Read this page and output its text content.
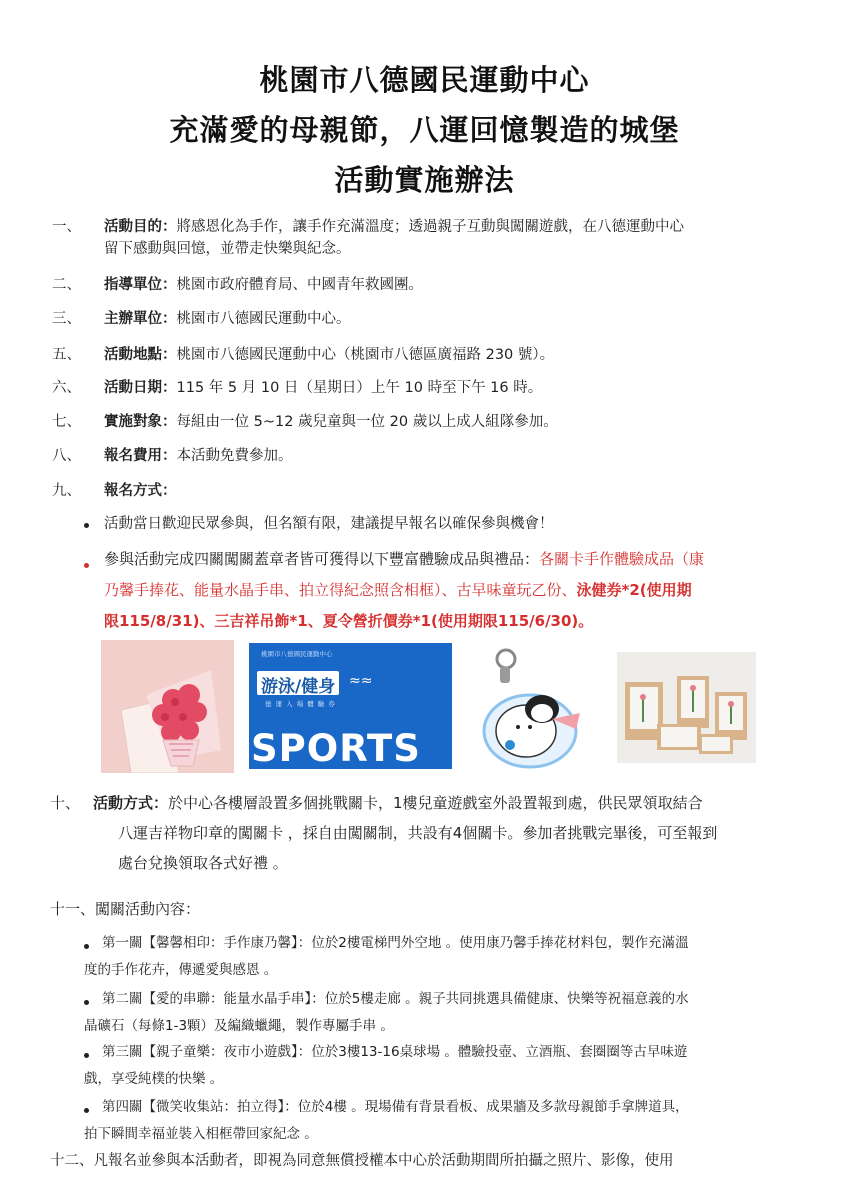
桃園市八德國民運動中心
充滿愛的母親節，八運回憶製造的城堡
活動實施辦法
一、	活動目的：將感恩化為手作，讓手作充滿溫度；透過親子互動與闖關遊戲，在八德運動中心
留下感動與回憶，並帶走快樂與紀念。
二、	指導單位：桃園市政府體育局、中國青年救國團。
三、	主辦單位：桃園市八德國民運動中心。
五、	活動地點：桃園市八德國民運動中心（桃園市八德區廣福路 230 號）。
六、	活動日期：115 年 5 月 10 日（星期日）上午 10 時至下午 16 時。
七、	實施對象：每組由一位 5~12 歲兒童與一位 20 歲以上成人組隊參加。
八、	報名費用：本活動免費參加。
九、	報名方式：
活動當日歡迎民眾參與，但名額有限，建議提早報名以確保參與機會！
參與活動完成四關闖關蓋章者皆可獲得以下豐富體驗成品與禮品：各關卡手作體驗成品（康
乃馨手捧花、能量水晶手串、拍立得紀念照含相框）、古早味童玩乙份、泳健券*2(使用期
限115/8/31)、三吉祥吊飾*1、夏令營折價券*1(使用期限115/6/30)。
桃園市八德國民運動中心
游泳/健身
德 運 入 場 體 驗 券
≈≈
SPORTS
十、 活動方式：於中心各樓層設置多個挑戰關卡，1樓兒童遊戲室外設置報到處，供民眾領取結合
八運吉祥物印章的闖關卡 ，採自由闖關制，共設有4個關卡。參加者挑戰完畢後，可至報到
處台兌換領取各式好禮 。
十一、闖關活動內容：
第一關【馨馨相印：手作康乃馨】：位於2樓電梯門外空地 。使用康乃馨手捧花材料包，製作充滿溫
度的手作花卉，傳遞愛與感恩 。
第二關【愛的串聯：能量水晶手串】：位於5樓走廊 。親子共同挑選具備健康、快樂等祝福意義的水
晶礦石（每條1-3顆）及編織蠟繩，製作專屬手串 。
第三關【親子童樂：夜市小遊戲】：位於3樓13-16桌球場 。體驗投壺、立酒瓶、套圈圈等古早味遊
戲，享受純樸的快樂 。
第四關【微笑收集站：拍立得】：位於4樓 。現場備有背景看板、成果牆及多款母親節手拿牌道具，
拍下瞬間幸福並裝入相框帶回家紀念 。
十二、凡報名並參與本活動者，即視為同意無償授權本中心於活動期間所拍攝之照片、影像，使用
